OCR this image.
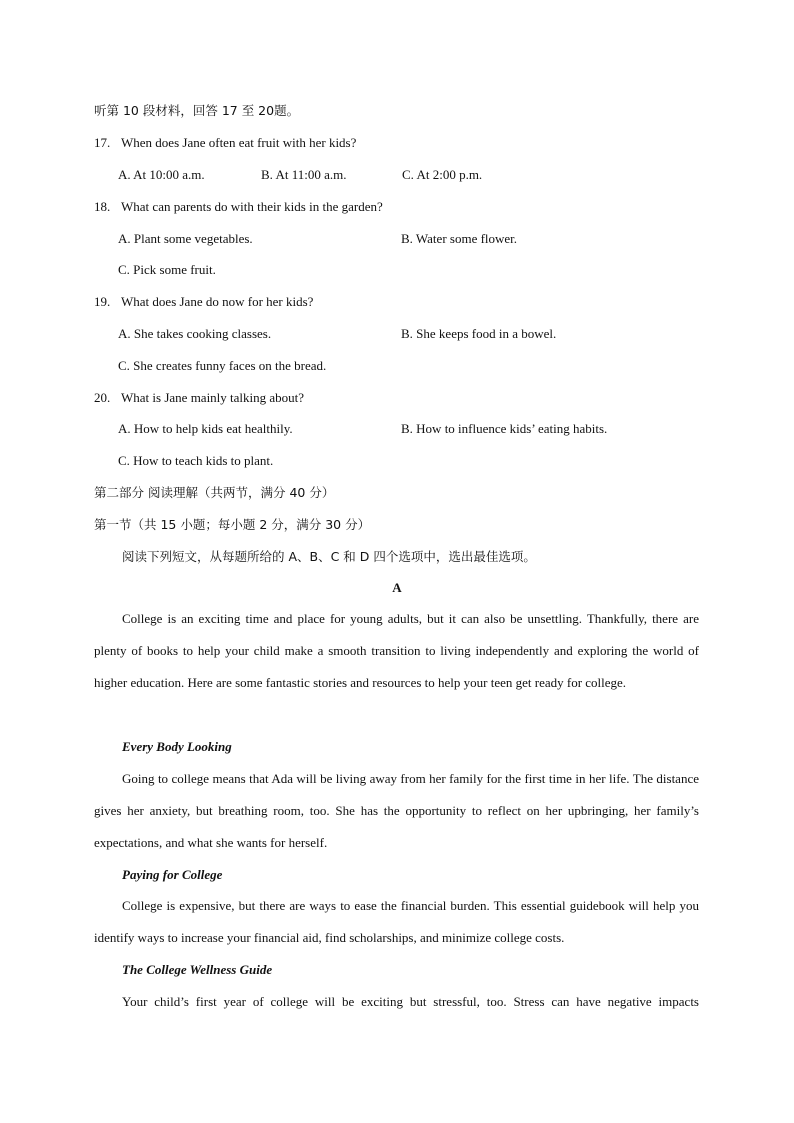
听第 10 段材料，回答 17 至 20题。
17. When does Jane often eat fruit with her kids?
A. At 10:00 a.m.	B. At 11:00 a.m.	C. At 2:00 p.m.
18. What can parents do with their kids in the garden?
A. Plant some vegetables.	B. Water some flower.
C. Pick some fruit.
19. What does Jane do now for her kids?
A. She takes cooking classes.	B. She keeps food in a bowel.
C. She creates funny faces on the bread.
20. What is Jane mainly talking about?
A. How to help kids eat healthily.	B. How to influence kids’ eating habits.
C. How to teach kids to plant.
第二部分 阅读理解（共两节，满分 40 分）
第一节（共 15 小题；每小题 2 分，满分 30 分）
阅读下列短文，从每题所给的 A、B、C 和 D 四个选项中，选出最佳选项。
A
College is an exciting time and place for young adults, but it can also be unsettling. Thankfully, there are plenty of books to help your child make a smooth transition to living independently and exploring the world of higher education. Here are some fantastic stories and resources to help your teen get ready for college.
Every Body Looking
Going to college means that Ada will be living away from her family for the first time in her life. The distance gives her anxiety, but breathing room, too. She has the opportunity to reflect on her upbringing, her family’s expectations, and what she wants for herself.
Paying for College
College is expensive, but there are ways to ease the financial burden. This essential guidebook will help you identify ways to increase your financial aid, find scholarships, and minimize college costs.
The College Wellness Guide
Your child’s first year of college will be exciting but stressful, too. Stress can have negative impacts
